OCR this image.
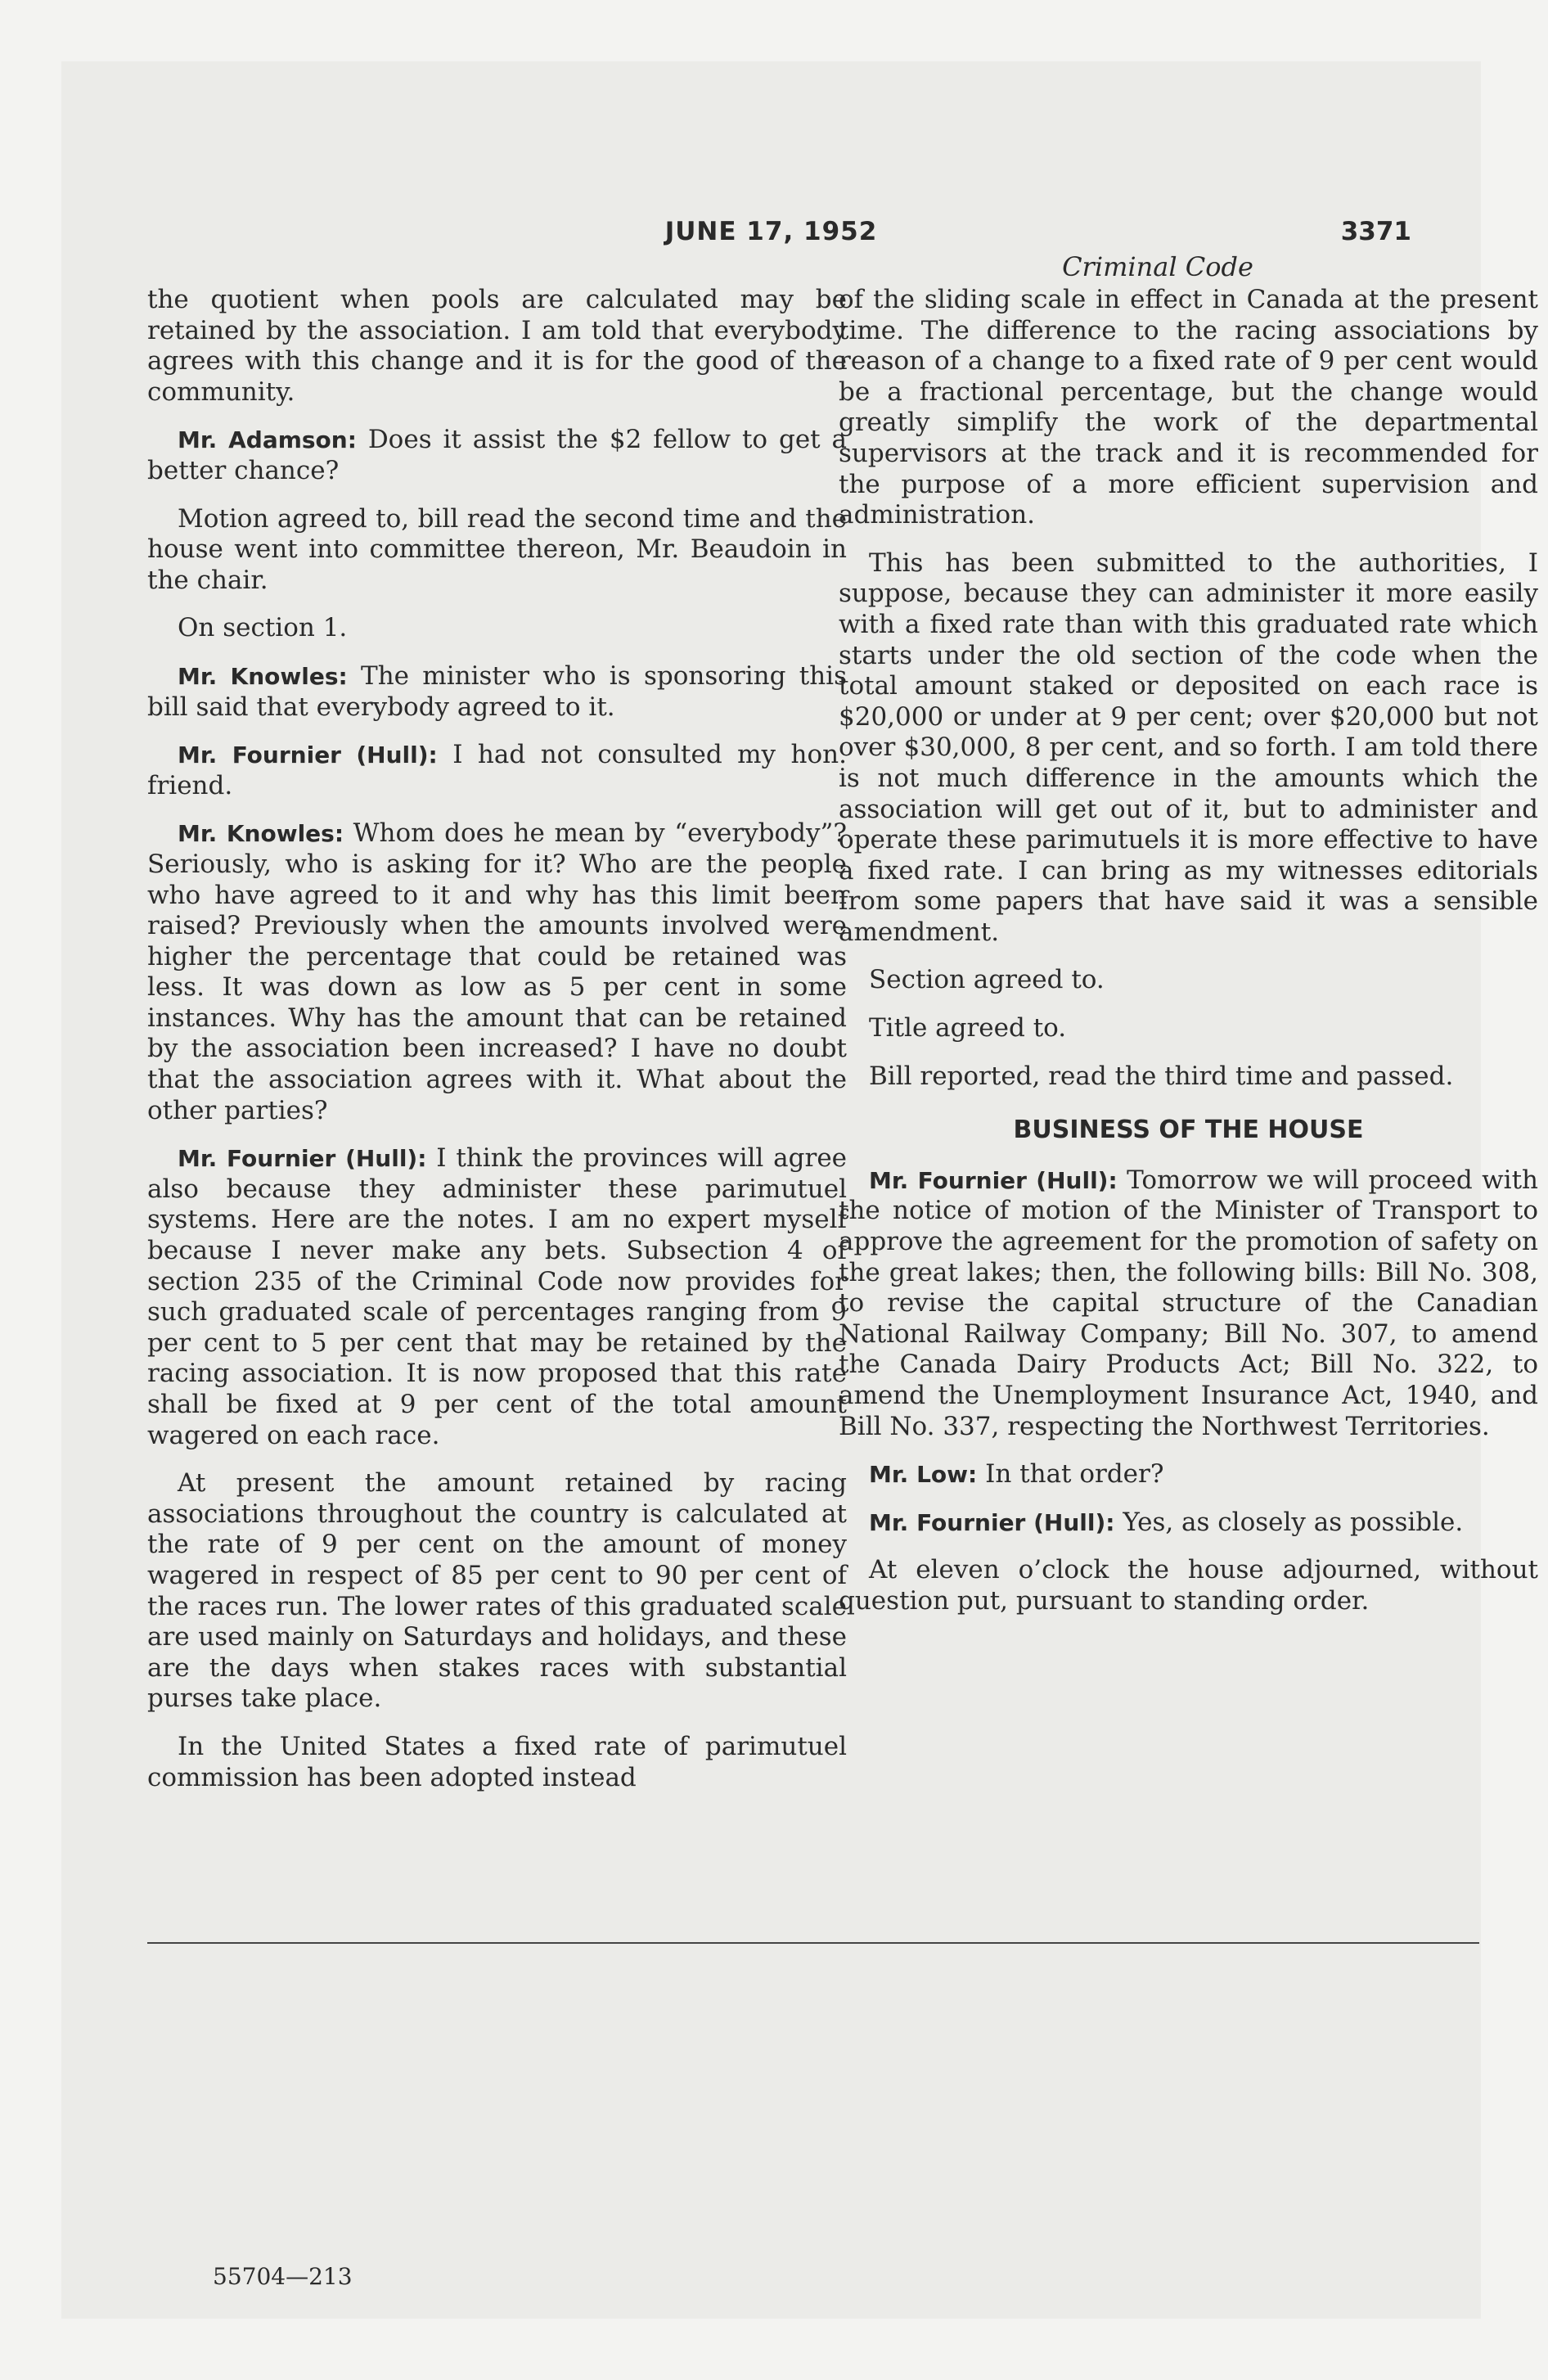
JUNE 17, 1952	3371
Criminal Code

the quotient when pools are calculated may be retained by the association. I am told that everybody agrees with this change and it is for the good of the community.

Mr. Adamson: Does it assist the $2 fellow to get a better chance?

Motion agreed to, bill read the second time and the house went into committee thereon, Mr. Beaudoin in the chair.

On section 1.

Mr. Knowles: The minister who is sponsoring this bill said that everybody agreed to it.

Mr. Fournier (Hull): I had not consulted my hon. friend.

Mr. Knowles: Whom does he mean by “everybody”? Seriously, who is asking for it? Who are the people who have agreed to it and why has this limit been raised? Previously when the amounts involved were higher the percentage that could be retained was less. It was down as low as 5 per cent in some instances. Why has the amount that can be retained by the association been increased? I have no doubt that the association agrees with it. What about the other parties?

Mr. Fournier (Hull): I think the provinces will agree also because they administer these parimutuel systems. Here are the notes. I am no expert myself because I never make any bets. Subsection 4 of section 235 of the Criminal Code now provides for such graduated scale of percentages ranging from 9 per cent to 5 per cent that may be retained by the racing association. It is now proposed that this rate shall be fixed at 9 per cent of the total amount wagered on each race.

At present the amount retained by racing associations throughout the country is calculated at the rate of 9 per cent on the amount of money wagered in respect of 85 per cent to 90 per cent of the races run. The lower rates of this graduated scale are used mainly on Saturdays and holidays, and these are the days when stakes races with substantial purses take place.

In the United States a fixed rate of parimutuel commission has been adopted instead

of the sliding scale in effect in Canada at the present time. The difference to the racing associations by reason of a change to a fixed rate of 9 per cent would be a fractional percentage, but the change would greatly simplify the work of the departmental supervisors at the track and it is recommended for the purpose of a more efficient supervision and administration.

This has been submitted to the authorities, I suppose, because they can administer it more easily with a fixed rate than with this graduated rate which starts under the old section of the code when the total amount staked or deposited on each race is $20,000 or under at 9 per cent; over $20,000 but not over $30,000, 8 per cent, and so forth. I am told there is not much difference in the amounts which the association will get out of it, but to administer and operate these parimutuels it is more effective to have a fixed rate. I can bring as my witnesses editorials from some papers that have said it was a sensible amendment.

Section agreed to.

Title agreed to.

Bill reported, read the third time and passed.

BUSINESS OF THE HOUSE

Mr. Fournier (Hull): Tomorrow we will proceed with the notice of motion of the Minister of Transport to approve the agreement for the promotion of safety on the great lakes; then, the following bills: Bill No. 308, to revise the capital structure of the Canadian National Railway Company; Bill No. 307, to amend the Canada Dairy Products Act; Bill No. 322, to amend the Unemployment Insurance Act, 1940, and Bill No. 337, respecting the Northwest Territories.

Mr. Low: In that order?

Mr. Fournier (Hull): Yes, as closely as possible.

At eleven o’clock the house adjourned, without question put, pursuant to standing order.

55704—213
